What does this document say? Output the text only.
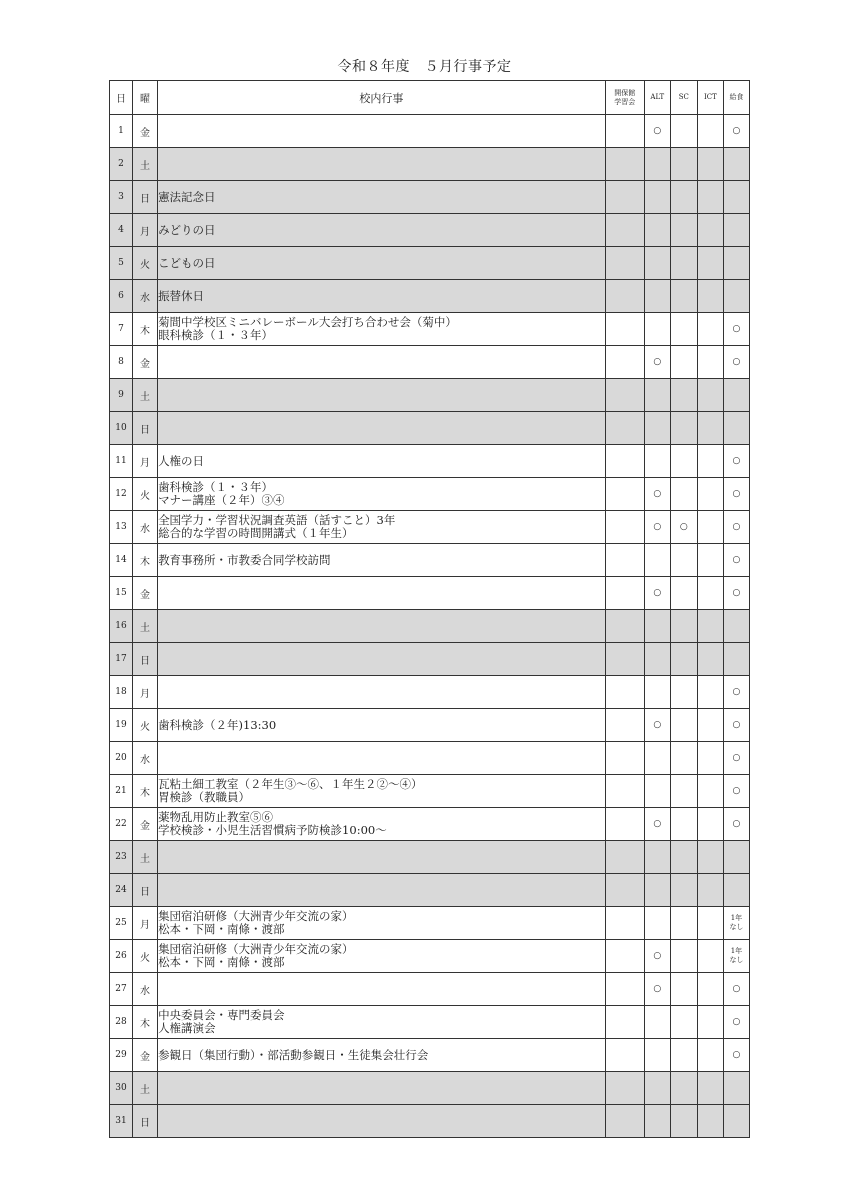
令和８年度　５月行事予定
日	曜	校内行事	開保館
学習会	ALT	SC	ICT	給食
1	金			○			○
2	土	

3	日	憲法記念日					

4	月	みどりの日					

5	火	こどもの日					

6	水	振替休日					

7	木	菊間中学校区ミニバレーボール大会打ち合わせ会（菊中）
眼科検診（１・３年）					○
8	金			○			○
9	土	

10	日	

11	月	人権の日					○
12	火	歯科検診（１・３年）
マナー講座（２年）③④		○			○
13	水	全国学力・学習状況調査英語（話すこと）3年
総合的な学習の時間開講式（１年生）		○	○		○
14	木	教育事務所・市教委合同学校訪問					○
15	金			○			○
16	土	

17	日	

18	月						○
19	火	歯科検診（２年)13:30		○			○
20	水						○
21	木	瓦粘土細工教室（２年生③～⑥、１年生２②～④）
胃検診（教職員）					○
22	金	薬物乱用防止教室⑤⑥
学校検診・小児生活習慣病予防検診10:00～		○			○
23	土	

24	日	

25	月	集団宿泊研修（大洲青少年交流の家）
松本・下岡・南條・渡部					1年
なし
26	火	集団宿泊研修（大洲青少年交流の家）
松本・下岡・南條・渡部		○			1年
なし
27	水			○			○
28	木	中央委員会・専門委員会
人権講演会					○
29	金	参観日（集団行動）・部活動参観日・生徒集会壮行会					○
30	土	

31	日	
